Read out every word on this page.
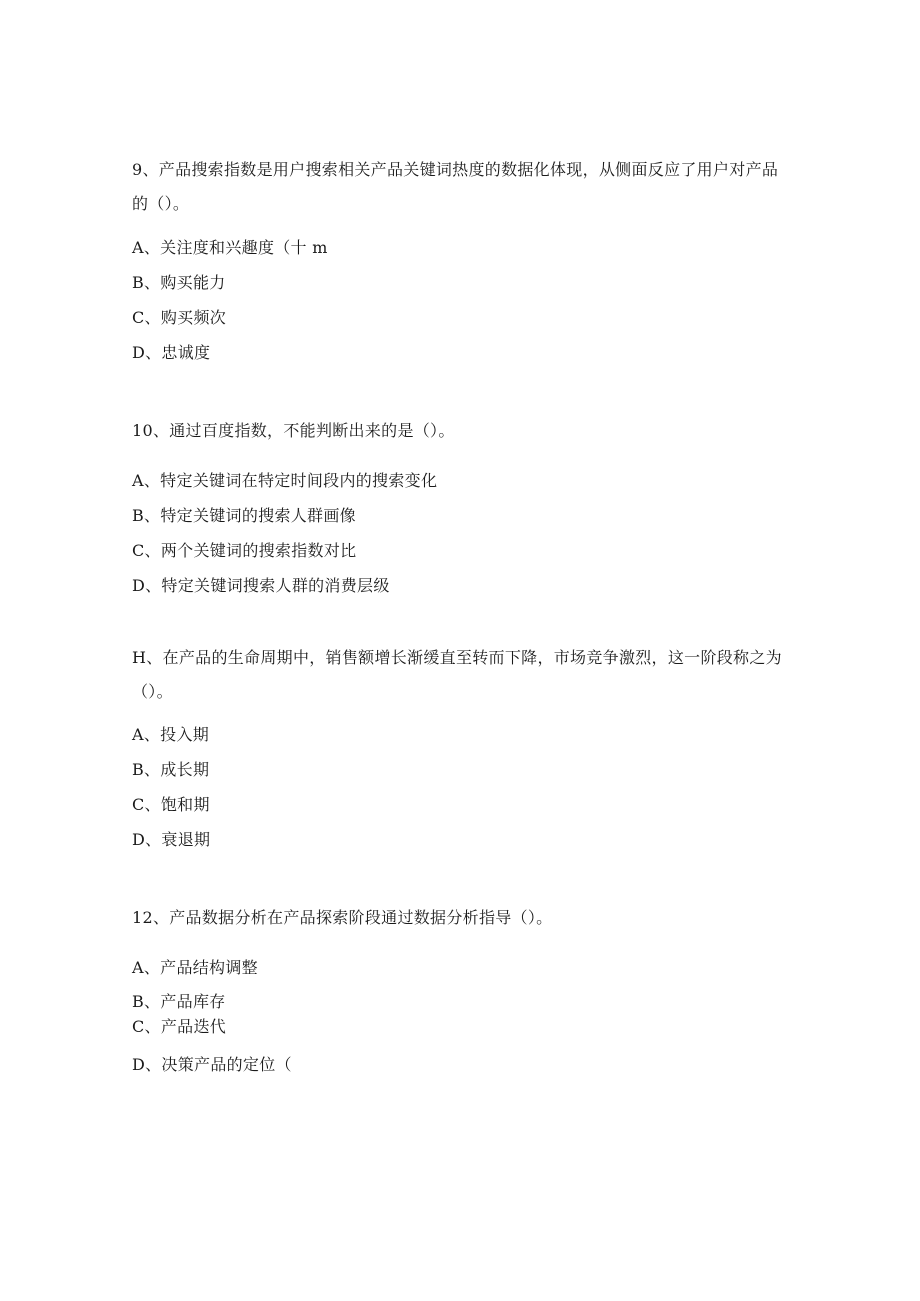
9、产品搜索指数是用户搜索相关产品关键词热度的数据化体现，从侧面反应了用户对产品的（）。
A、关注度和兴趣度（十 m
B、购买能力
C、购买频次
D、忠诚度
10、通过百度指数，不能判断出来的是（）。
A、特定关键词在特定时间段内的搜索变化
B、特定关键词的搜索人群画像
C、两个关键词的搜索指数对比
D、特定关键词搜索人群的消费层级
H、在产品的生命周期中，销售额增长渐缓直至转而下降，市场竞争激烈，这一阶段称之为（）。
A、投入期
B、成长期
C、饱和期
D、衰退期
12、产品数据分析在产品探索阶段通过数据分析指导（）。
A、产品结构调整
B、产品库存
C、产品迭代
D、决策产品的定位（
